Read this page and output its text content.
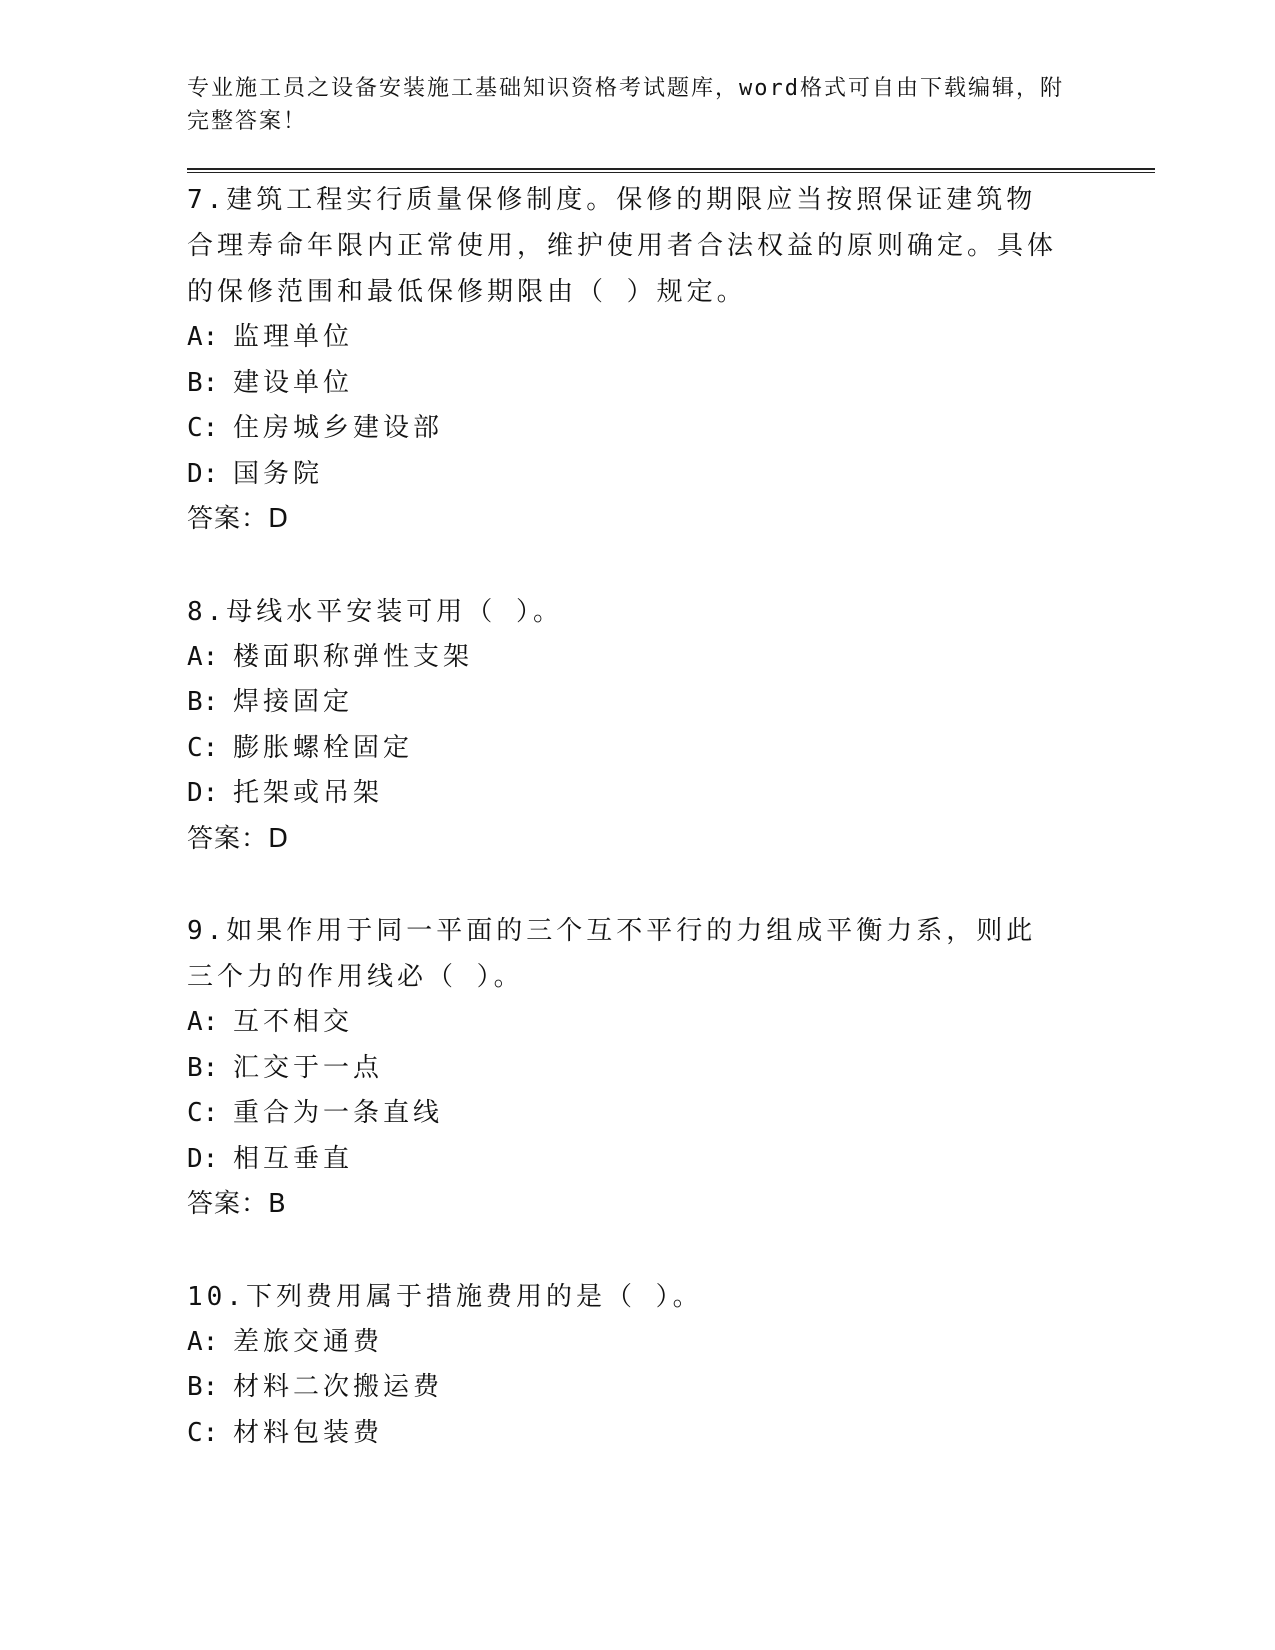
专业施工员之设备安装施工基础知识资格考试题库，word格式可自由下载编辑，附完整答案！

7.建筑工程实行质量保修制度。保修的期限应当按照保证建筑物合理寿命年限内正常使用，维护使用者合法权益的原则确定。具体的保修范围和最低保修期限由（ ）规定。

A: 监理单位

B: 建设单位

C: 住房城乡建设部

D: 国务院

答案：D

8.母线水平安装可用（ ）。

A: 楼面职称弹性支架

B: 焊接固定

C: 膨胀螺栓固定

D: 托架或吊架

答案：D

9.如果作用于同一平面的三个互不平行的力组成平衡力系，则此三个力的作用线必（ ）。

A: 互不相交

B: 汇交于一点

C: 重合为一条直线

D: 相互垂直

答案：B

10.下列费用属于措施费用的是（ ）。

A: 差旅交通费

B: 材料二次搬运费

C: 材料包装费
